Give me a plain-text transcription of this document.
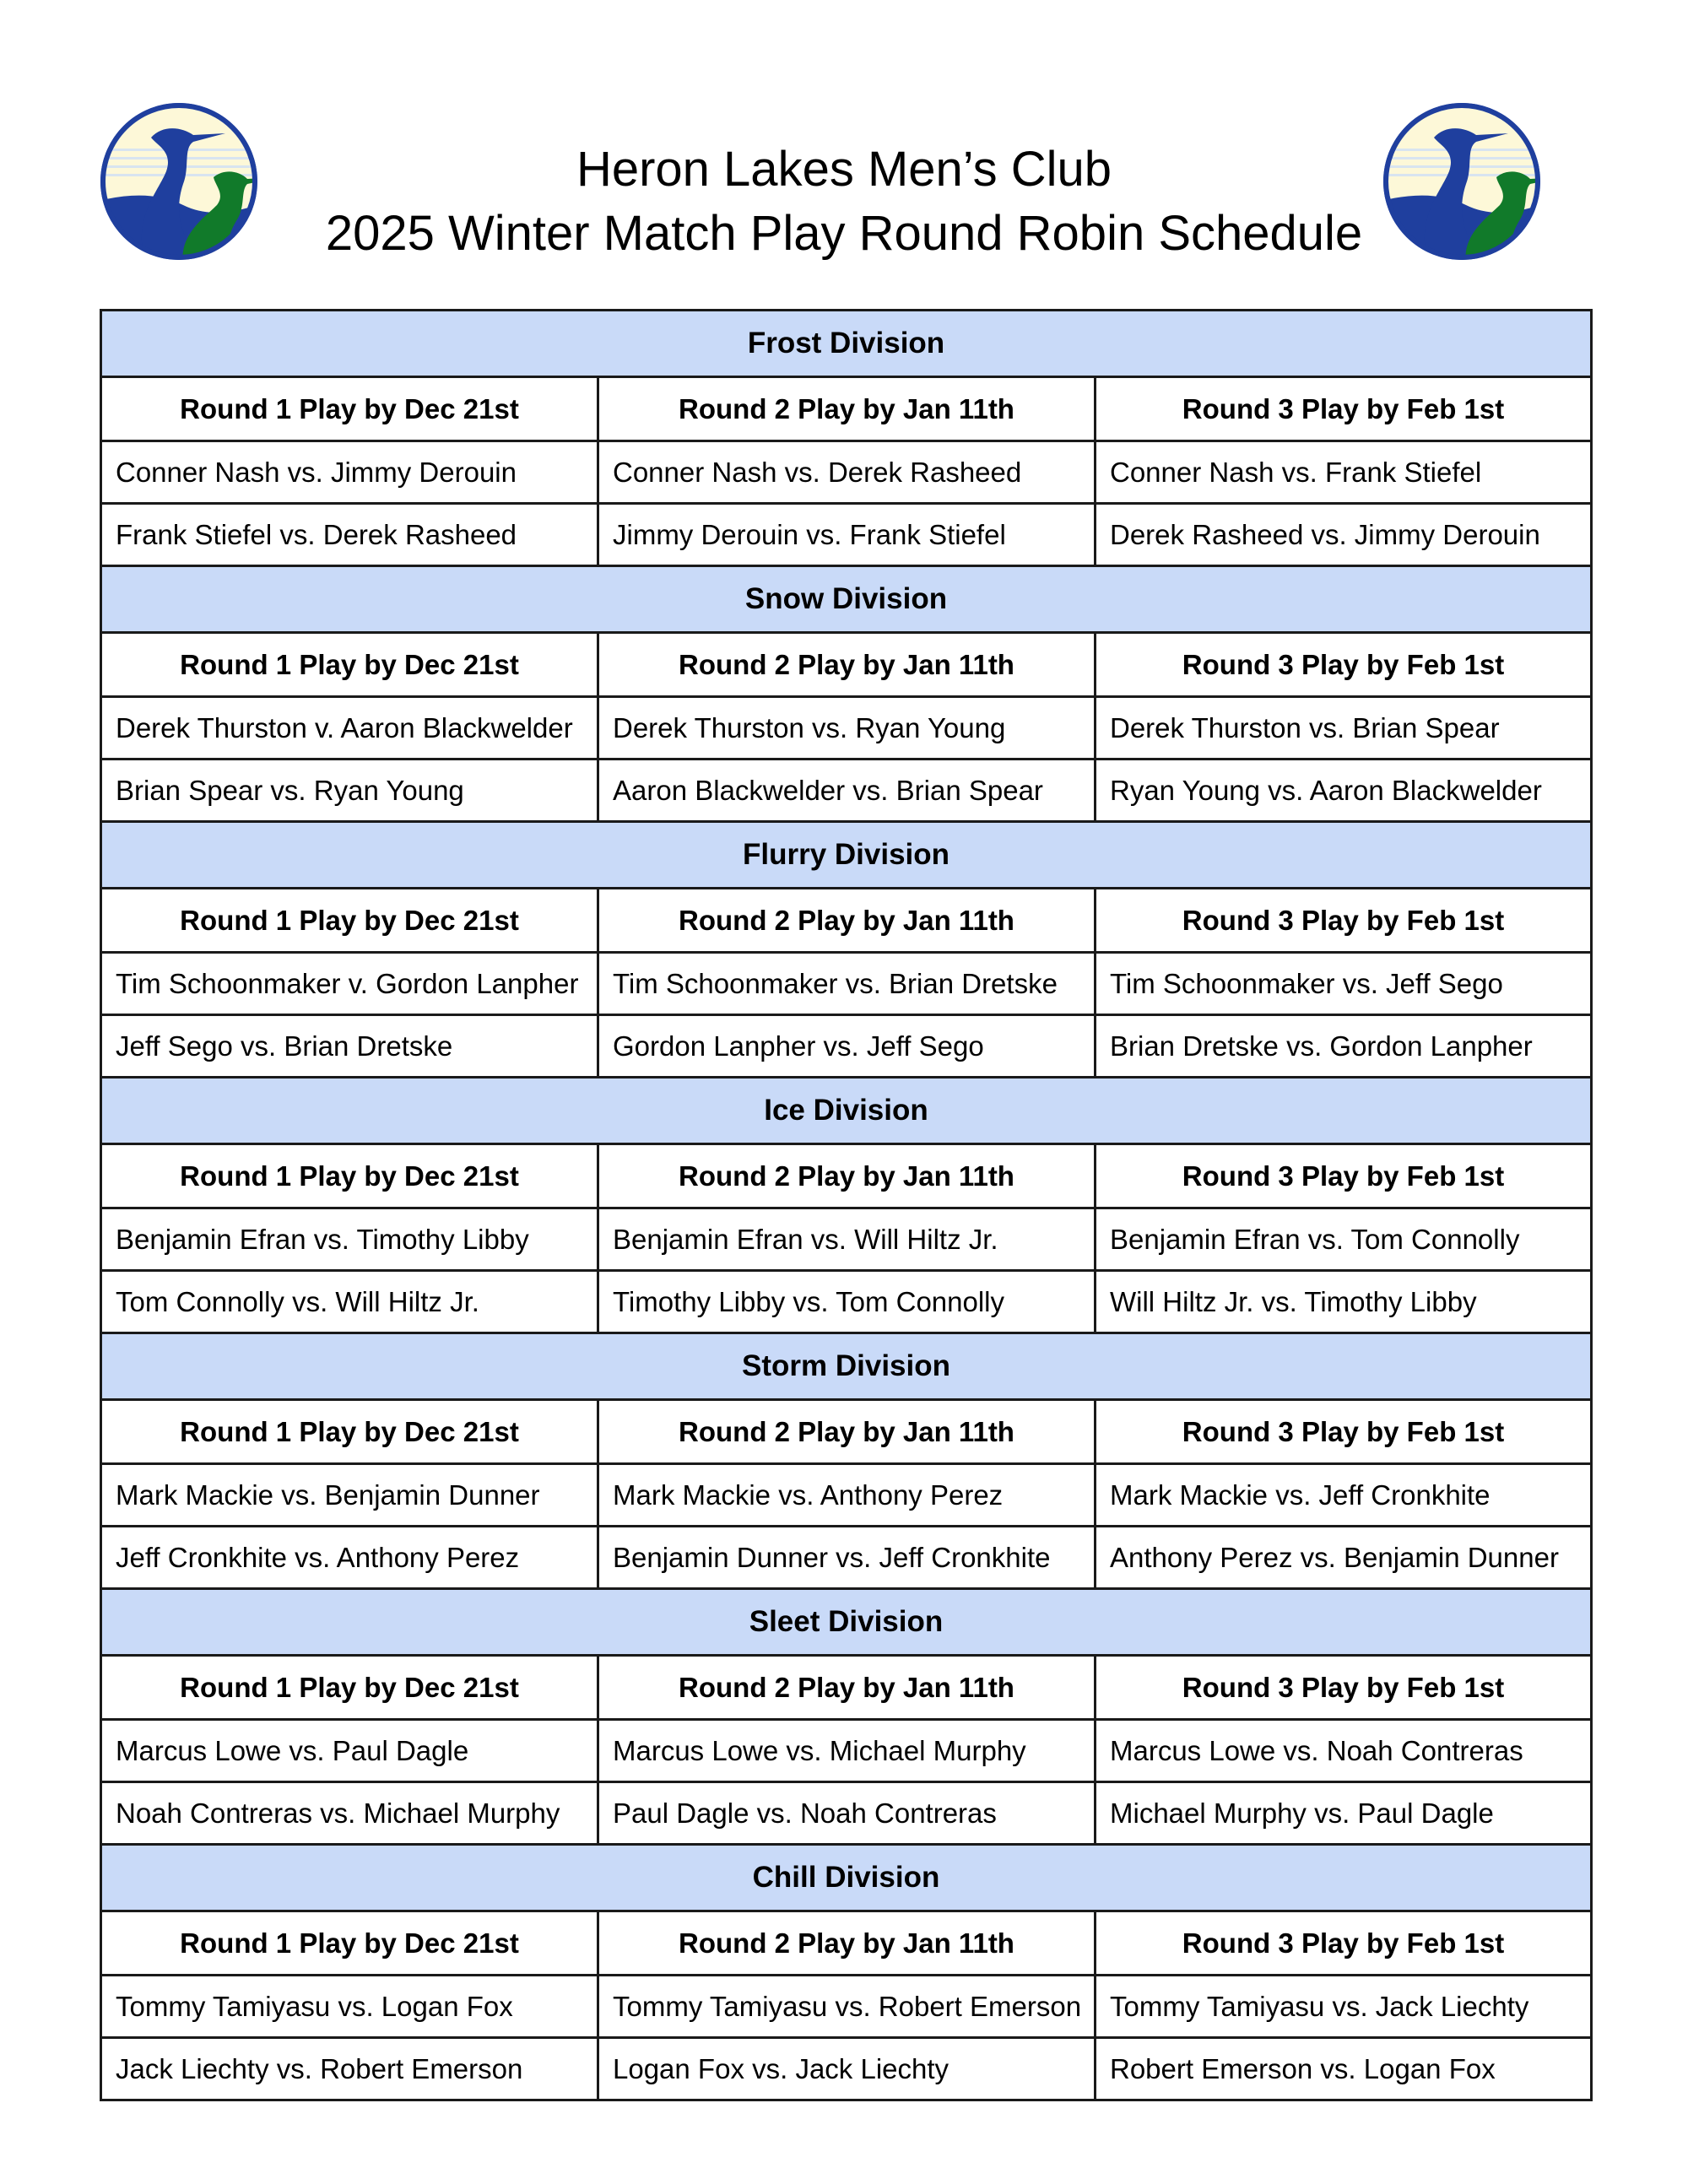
Heron Lakes Men’s Club
2025 Winter Match Play Round Robin Schedule
Frost Division		
Round 1 Play by Dec 21st	Round 2 Play by Jan 11th	Round 3 Play by Feb 1st
Conner Nash vs. Jimmy Derouin	Conner Nash vs. Derek Rasheed	Conner Nash vs. Frank Stiefel
Frank Stiefel vs. Derek Rasheed	Jimmy Derouin vs. Frank Stiefel	Derek Rasheed vs. Jimmy Derouin
Snow Division		
Round 1 Play by Dec 21st	Round 2 Play by Jan 11th	Round 3 Play by Feb 1st
Derek Thurston v. Aaron Blackwelder	Derek Thurston vs. Ryan Young	Derek Thurston vs. Brian Spear
Brian Spear vs. Ryan Young	Aaron Blackwelder vs. Brian Spear	Ryan Young vs. Aaron Blackwelder
Flurry Division		
Round 1 Play by Dec 21st	Round 2 Play by Jan 11th	Round 3 Play by Feb 1st
Tim Schoonmaker v. Gordon Lanpher	Tim Schoonmaker vs. Brian Dretske	Tim Schoonmaker vs. Jeff Sego
Jeff Sego vs. Brian Dretske	Gordon Lanpher vs. Jeff Sego	Brian Dretske vs. Gordon Lanpher
Ice Division		
Round 1 Play by Dec 21st	Round 2 Play by Jan 11th	Round 3 Play by Feb 1st
Benjamin Efran vs. Timothy Libby	Benjamin Efran vs. Will Hiltz Jr.	Benjamin Efran vs. Tom Connolly
Tom Connolly vs. Will Hiltz Jr.	Timothy Libby vs. Tom Connolly	Will Hiltz Jr. vs. Timothy Libby
Storm Division		
Round 1 Play by Dec 21st	Round 2 Play by Jan 11th	Round 3 Play by Feb 1st
Mark Mackie vs. Benjamin Dunner	Mark Mackie vs. Anthony Perez	Mark Mackie vs. Jeff Cronkhite
Jeff Cronkhite vs. Anthony Perez	Benjamin Dunner vs. Jeff Cronkhite	Anthony Perez vs. Benjamin Dunner
Sleet Division		
Round 1 Play by Dec 21st	Round 2 Play by Jan 11th	Round 3 Play by Feb 1st
Marcus Lowe vs. Paul Dagle	Marcus Lowe vs. Michael Murphy	Marcus Lowe vs. Noah Contreras
Noah Contreras vs. Michael Murphy	Paul Dagle vs. Noah Contreras	Michael Murphy vs. Paul Dagle
Chill Division		
Round 1 Play by Dec 21st	Round 2 Play by Jan 11th	Round 3 Play by Feb 1st
Tommy Tamiyasu vs. Logan Fox	Tommy Tamiyasu vs. Robert Emerson	Tommy Tamiyasu vs. Jack Liechty
Jack Liechty vs. Robert Emerson	Logan Fox vs. Jack Liechty	Robert Emerson vs. Logan Fox
